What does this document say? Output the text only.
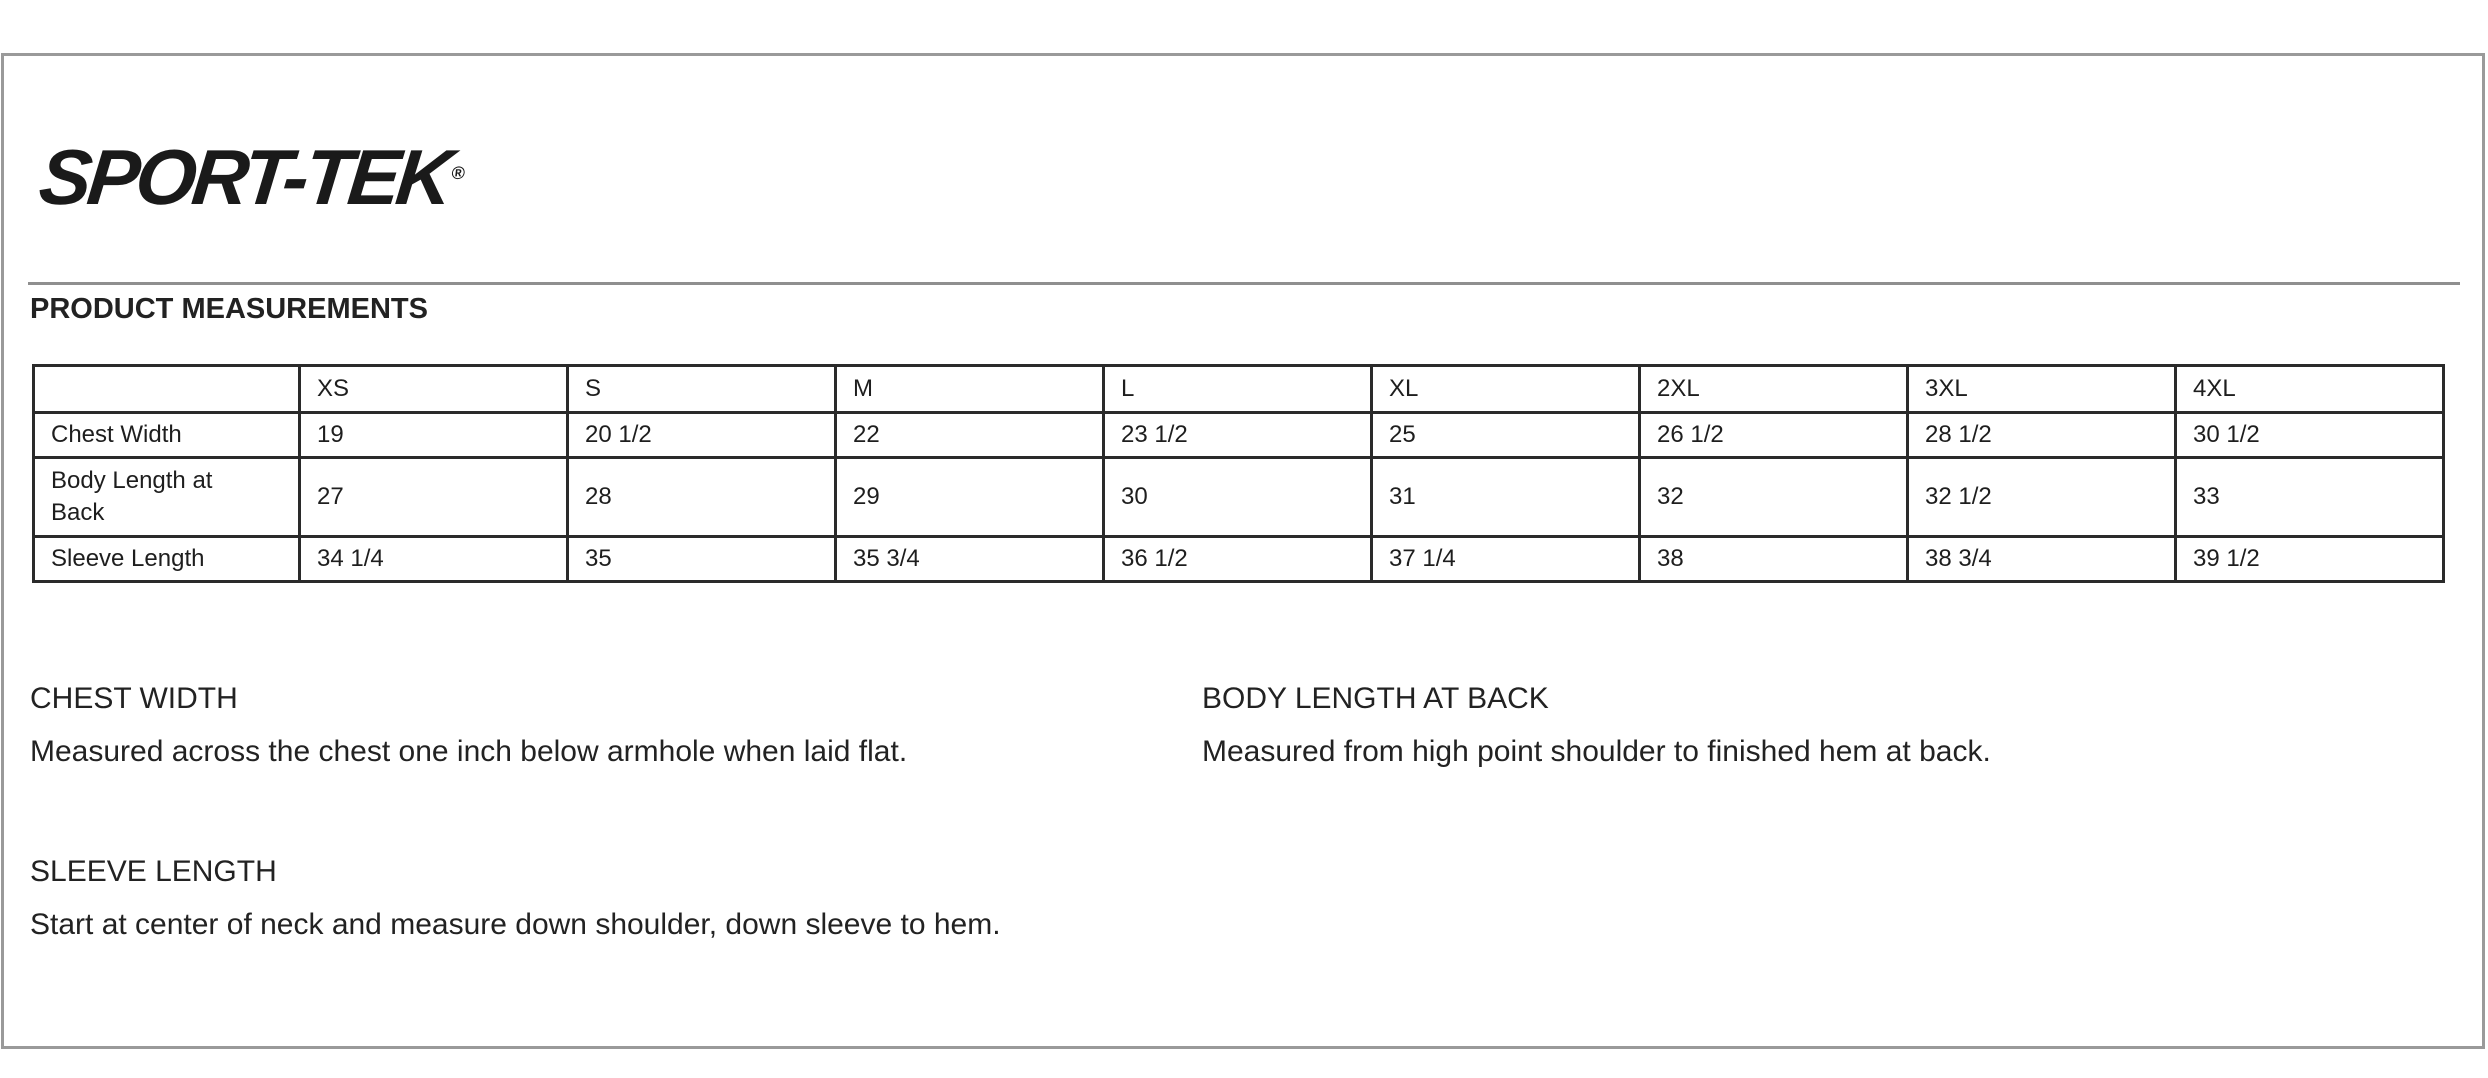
SPORT-TEK®
PRODUCT MEASUREMENTS
	XS	S	M	L	XL	2XL	3XL	4XL
Chest Width	19	20 1/2	22	23 1/2	25	26 1/2	28 1/2	30 1/2

Body Length at Back	27	28	29	30	31	32	32 1/2	33
Sleeve Length	34 1/4	35	35 3/4	36 1/2	37 1/4	38	38 3/4	39 1/2
CHEST WIDTH
Measured across the chest one inch below armhole when laid flat.
BODY LENGTH AT BACK
Measured from high point shoulder to finished hem at back.
SLEEVE LENGTH
Start at center of neck and measure down shoulder, down sleeve to hem.
